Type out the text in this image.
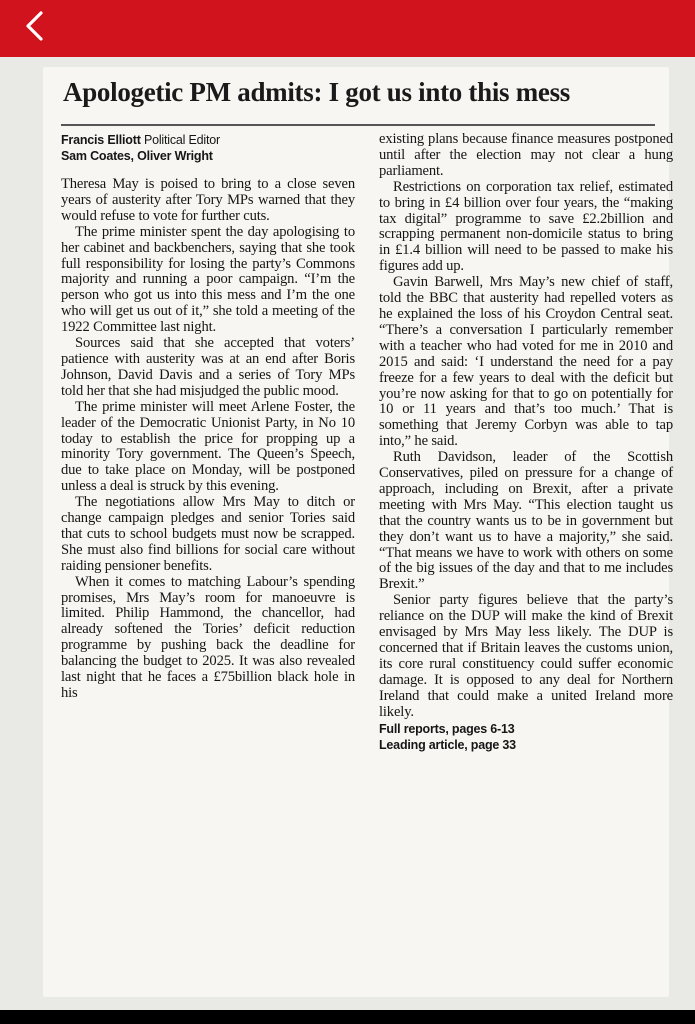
Apologetic PM admits: I got us into this mess
Francis Elliott Political Editor
Sam Coates, Oliver Wright

Theresa May is poised to bring to a close seven years of austerity after Tory MPs warned that they would refuse to vote for further cuts.

The prime minister spent the day apologising to her cabinet and backbenchers, saying that she took full responsibility for losing the party’s Commons majority and running a poor campaign. “I’m the person who got us into this mess and I’m the one who will get us out of it,” she told a meeting of the 1922 Committee last night.

Sources said that she accepted that voters’ patience with austerity was at an end after Boris Johnson, David Davis and a series of Tory MPs told her that she had misjudged the public mood.

The prime minister will meet Arlene Foster, the leader of the Democratic Unionist Party, in No 10 today to establish the price for propping up a minority Tory government. The Queen’s Speech, due to take place on Monday, will be postponed unless a deal is struck by this evening.

The negotiations allow Mrs May to ditch or change campaign pledges and senior Tories said that cuts to school budgets must now be scrapped. She must also find billions for social care without raiding pensioner benefits.

When it comes to matching Labour’s spending promises, Mrs May’s room for manoeuvre is limited. Philip Hammond, the chancellor, had already softened the Tories’ deficit reduction programme by pushing back the deadline for balancing the budget to 2025. It was also revealed last night that he faces a £75billion black hole in his

existing plans because finance measures postponed until after the election may not clear a hung parliament.

Restrictions on corporation tax relief, estimated to bring in £4 billion over four years, the “making tax digital” programme to save £2.2billion and scrapping permanent non-domicile status to bring in £1.4 billion will need to be passed to make his figures add up.

Gavin Barwell, Mrs May’s new chief of staff, told the BBC that austerity had repelled voters as he explained the loss of his Croydon Central seat. “There’s a conversation I particularly remember with a teacher who had voted for me in 2010 and 2015 and said: ‘I understand the need for a pay freeze for a few years to deal with the deficit but you’re now asking for that to go on potentially for 10 or 11 years and that’s too much.’ That is something that Jeremy Corbyn was able to tap into,” he said.

Ruth Davidson, leader of the Scottish Conservatives, piled on pressure for a change of approach, including on Brexit, after a private meeting with Mrs May. “This election taught us that the country wants us to be in government but they don’t want us to have a majority,” she said. “That means we have to work with others on some of the big issues of the day and that to me includes Brexit.”

Senior party figures believe that the party’s reliance on the DUP will make the kind of Brexit envisaged by Mrs May less likely. The DUP is concerned that if Britain leaves the customs union, its core rural constituency could suffer economic damage. It is opposed to any deal for Northern Ireland that could make a united Ireland more likely.

Full reports, pages 6-13
Leading article, page 33
